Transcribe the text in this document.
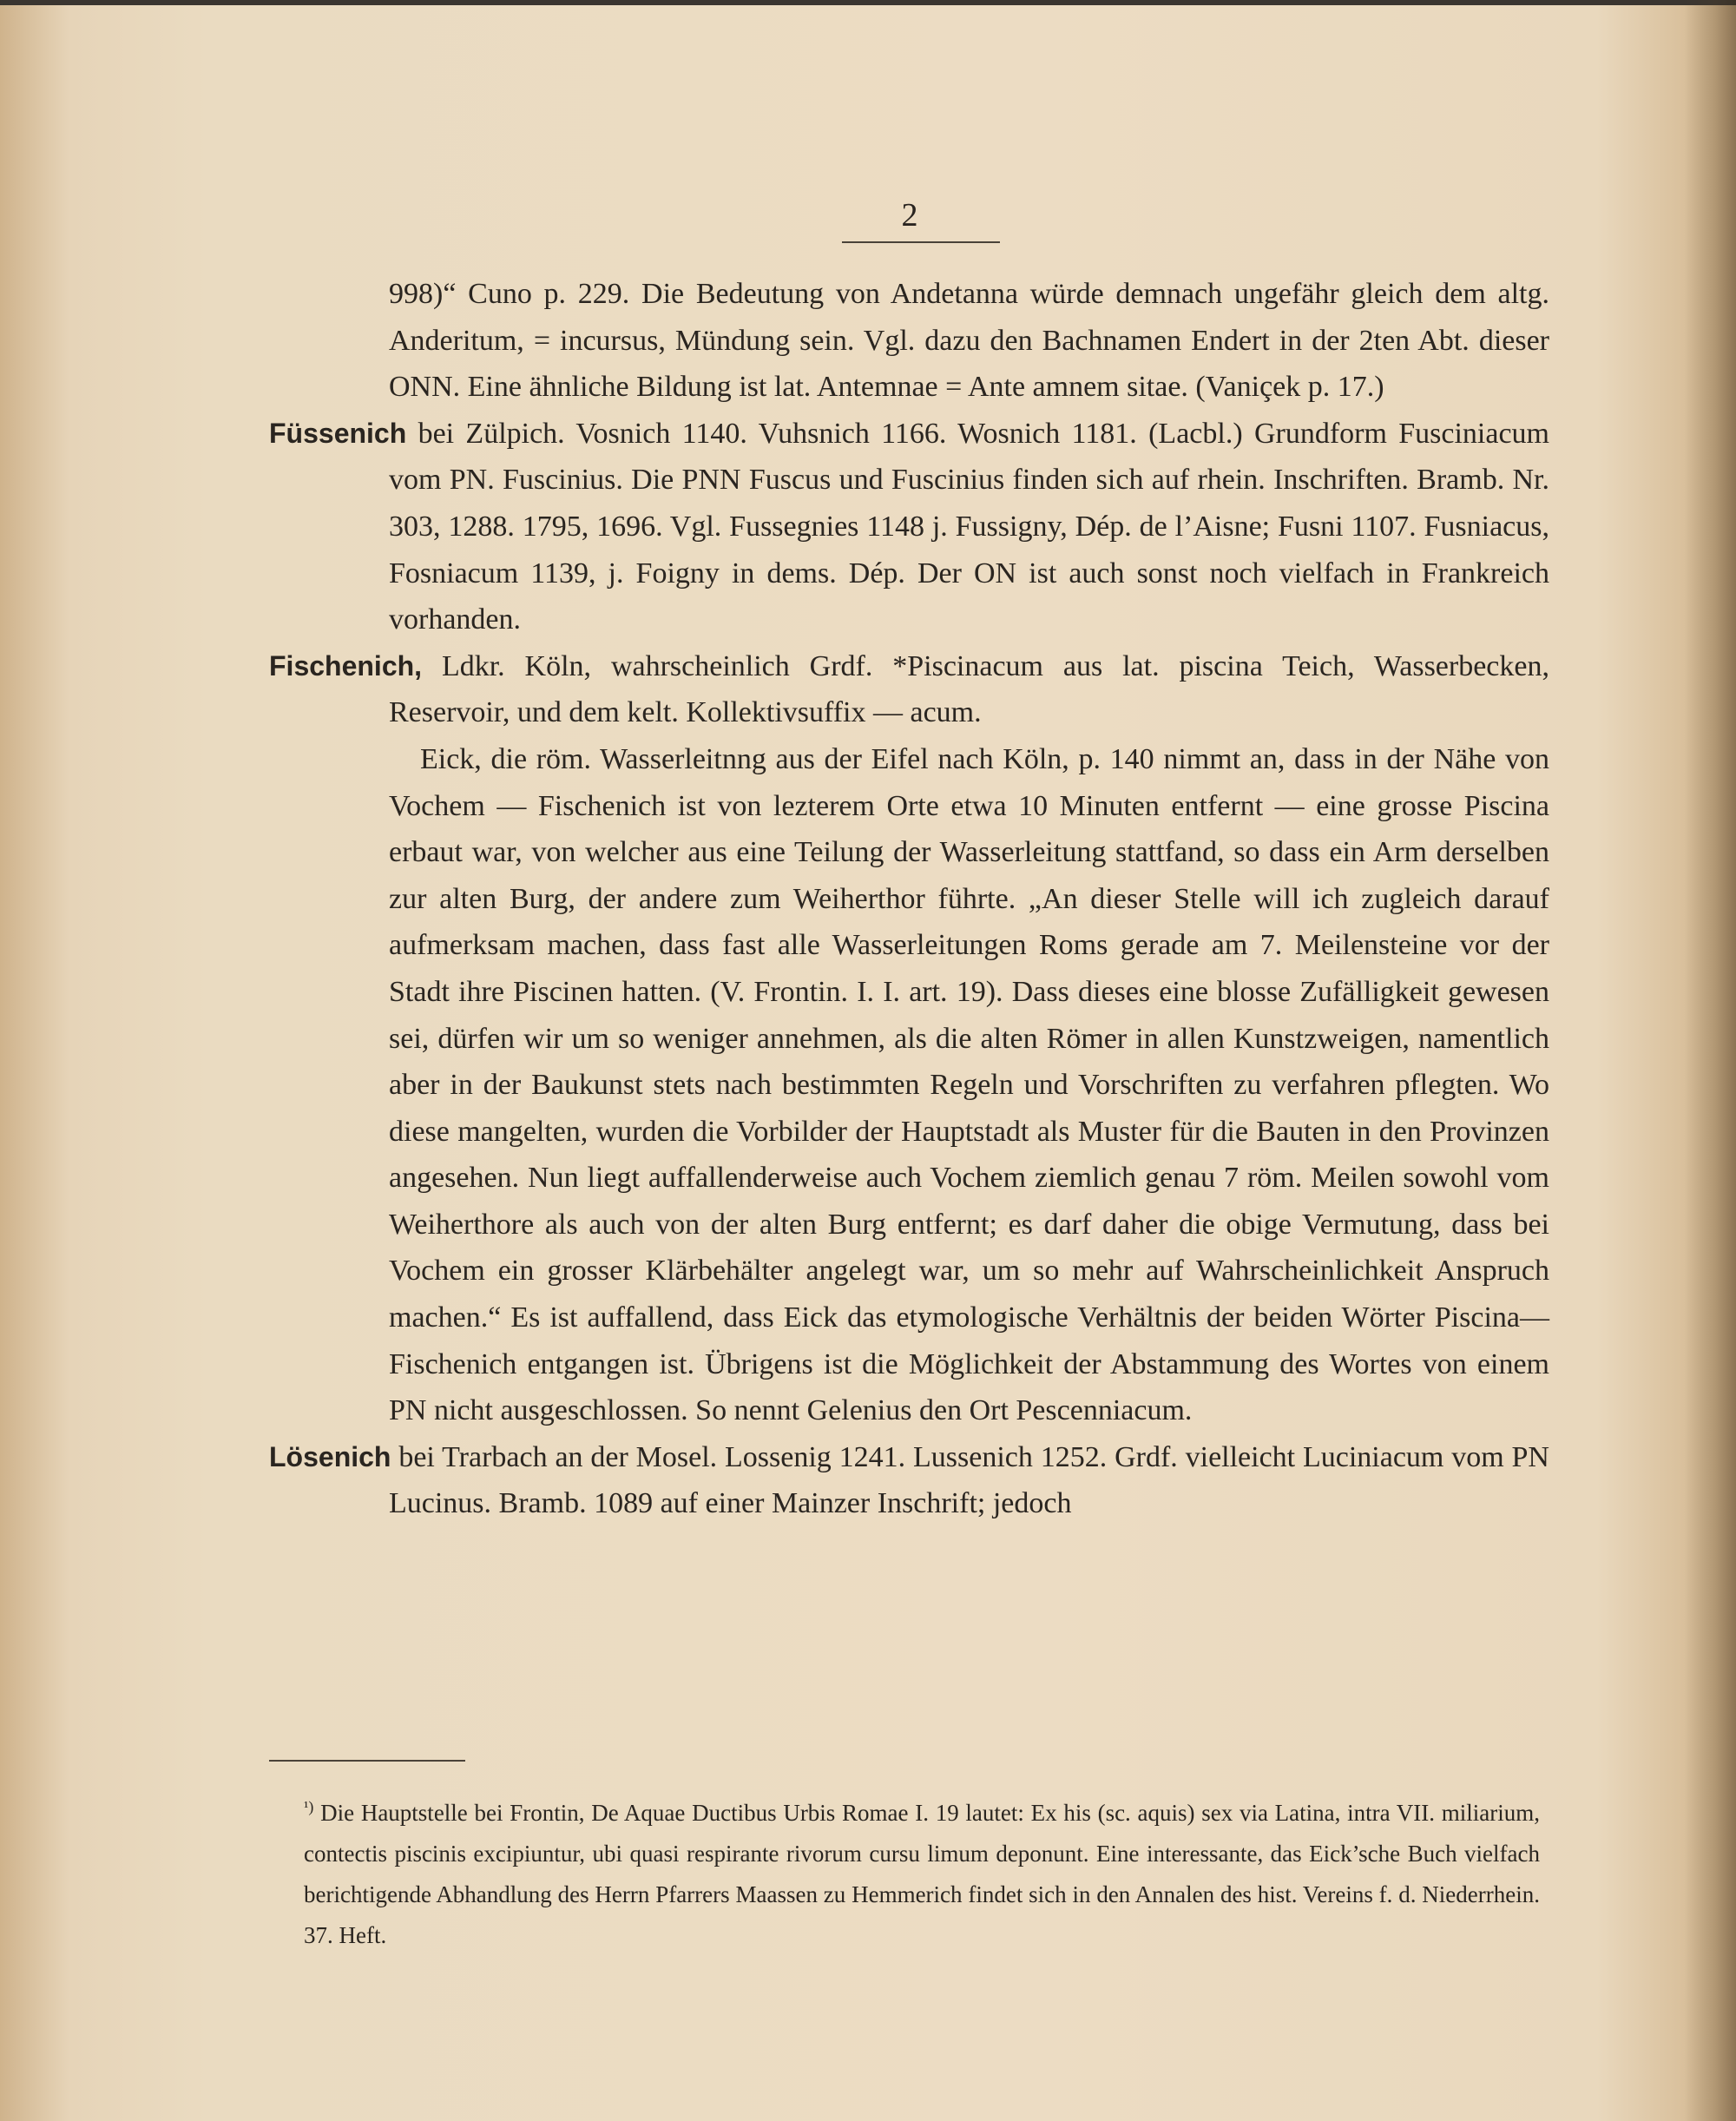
2

998)“ Cuno p. 229. Die Bedeutung von Andetanna würde demnach ungefähr gleich dem altg. Anderitum, = incursus, Mündung sein. Vgl. dazu den Bachnamen Endert in der 2ten Abt. dieser ONN. Eine ähnliche Bildung ist lat. Antemnae = Ante amnem sitae. (Vaniçek p. 17.)

Füssenich bei Zülpich. Vosnich 1140. Vuhsnich 1166. Wosnich 1181. (Lacbl.) Grundform Fusciniacum vom PN. Fuscinius. Die PNN Fuscus und Fuscinius finden sich auf rhein. Inschriften. Bramb. Nr. 303, 1288. 1795, 1696. Vgl. Fussegnies 1148 j. Fussigny, Dép. de l’Aisne; Fusni 1107. Fusniacus, Fosniacum 1139, j. Foigny in dems. Dép. Der ON ist auch sonst noch vielfach in Frankreich vorhanden.

Fischenich, Ldkr. Köln, wahrscheinlich Grdf. *Piscinacum aus lat. piscina Teich, Wasserbecken, Reservoir, und dem kelt. Kollektivsuffix — acum.

Eick, die röm. Wasserleitnng aus der Eifel nach Köln, p. 140 nimmt an, dass in der Nähe von Vochem — Fischenich ist von lezterem Orte etwa 10 Minuten entfernt — eine grosse Piscina erbaut war, von welcher aus eine Teilung der Wasserleitung stattfand, so dass ein Arm derselben zur alten Burg, der andere zum Weiherthor führte. „An dieser Stelle will ich zugleich darauf aufmerksam machen, dass fast alle Wasserleitungen Roms gerade am 7. Meilensteine vor der Stadt ihre Piscinen hatten. (V. Frontin. I. I. art. 19). Dass dieses eine blosse Zufälligkeit gewesen sei, dürfen wir um so weniger annehmen, als die alten Römer in allen Kunstzweigen, namentlich aber in der Baukunst stets nach bestimmten Regeln und Vorschriften zu verfahren pflegten. Wo diese mangelten, wurden die Vorbilder der Hauptstadt als Muster für die Bauten in den Provinzen angesehen. Nun liegt auffallenderweise auch Vochem ziemlich genau 7 röm. Meilen sowohl vom Weiherthore als auch von der alten Burg entfernt; es darf daher die obige Vermutung, dass bei Vochem ein grosser Klärbehälter angelegt war, um so mehr auf Wahrscheinlichkeit Anspruch machen.“ Es ist auffallend, dass Eick das etymologische Verhältnis der beiden Wörter Piscina—Fischenich entgangen ist. Übrigens ist die Möglichkeit der Abstammung des Wortes von einem PN nicht ausgeschlossen. So nennt Gelenius den Ort Pescenniacum.

Lösenich bei Trarbach an der Mosel. Lossenig 1241. Lussenich 1252. Grdf. vielleicht Luciniacum vom PN Lucinus. Bramb. 1089 auf einer Mainzer Inschrift; jedoch

$^{^1)}$ Die Hauptstelle bei Frontin, De Aquae Ductibus Urbis Romae I. 19 lautet: Ex his (sc. aquis) sex via Latina, intra VII. miliarium, contectis piscinis excipiuntur, ubi quasi respirante rivorum cursu limum deponunt. Eine interessante, das Eick’sche Buch vielfach berichtigende Abhandlung des Herrn Pfarrers Maassen zu Hemmerich findet sich in den Annalen des hist. Vereins f. d. Niederrhein. 37. Heft.
